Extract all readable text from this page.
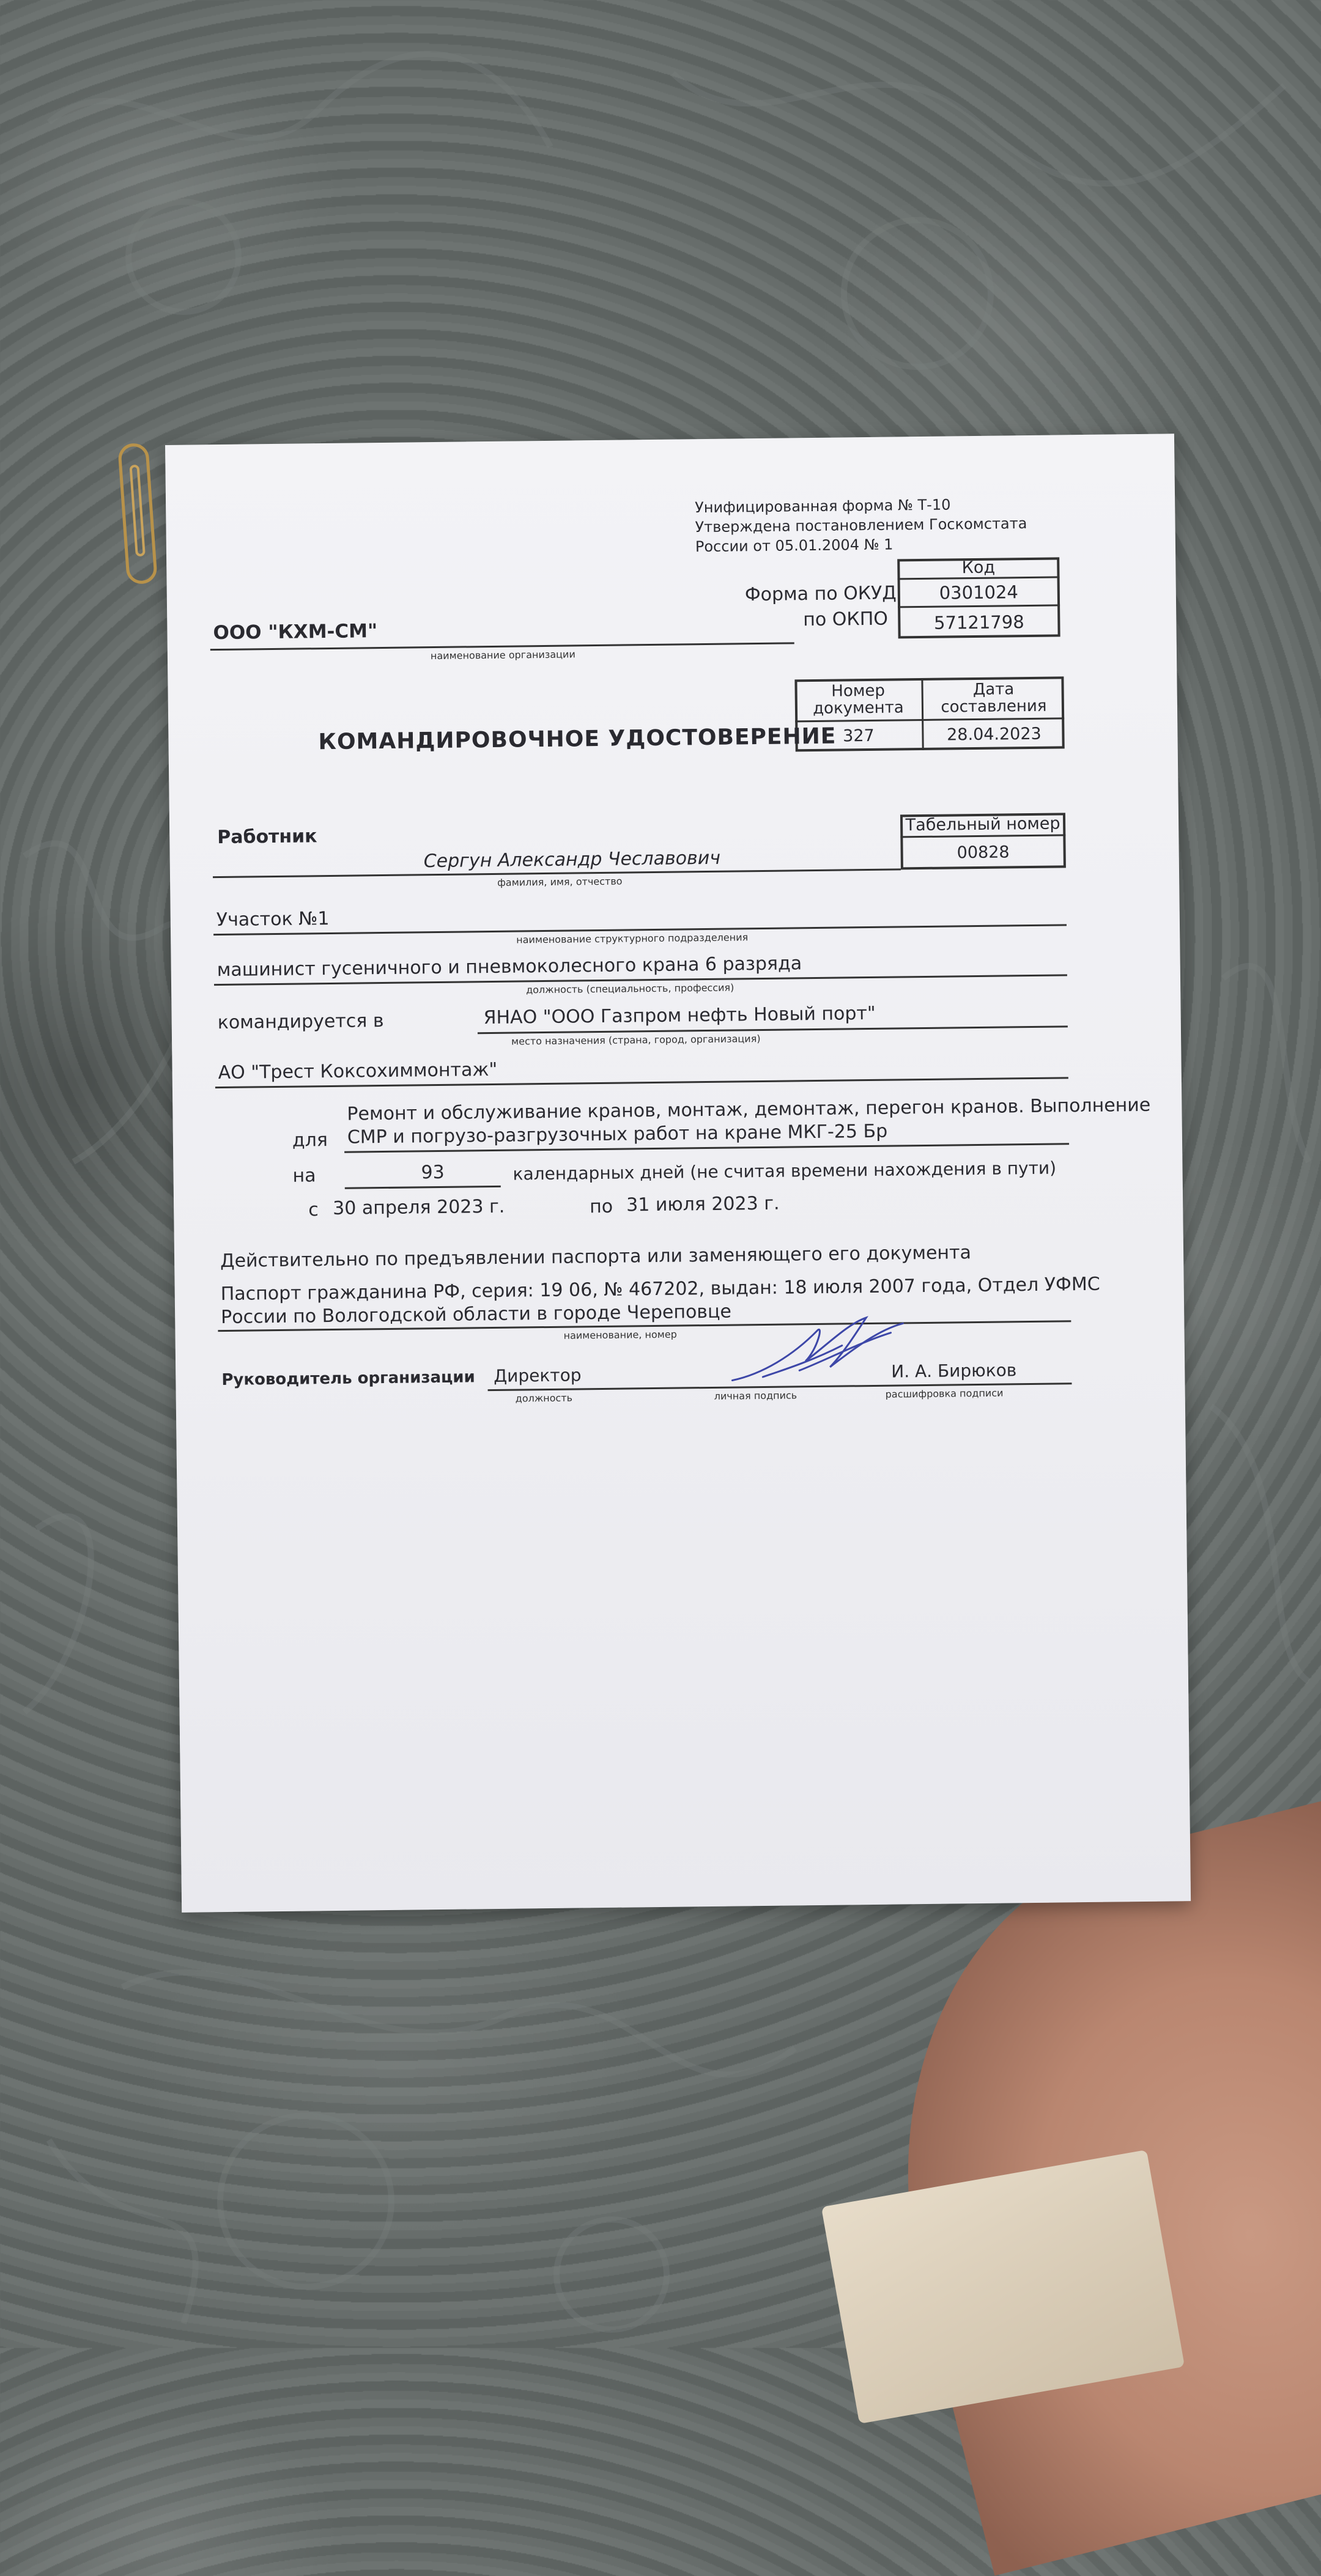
Унифицированная форма № Т-10
Утверждена постановлением Госкомстата
России от 05.01.2004 № 1
Код
0301024
57121798
Форма по ОКУД
по ОКПО
ООО "КХМ-СМ"
наименование организации
Номер документа
Дата составления
327	28.04.2023
КОМАНДИРОВОЧНОЕ УДОСТОВЕРЕНИЕ
Работник
Табельный номер
00828
Сергун Александр Чеславович
фамилия, имя, отчество
Участок №1
наименование структурного подразделения
машинист гусеничного и пневмоколесного крана 6 разряда
должность (специальность, профессия)
командируется в	ЯНАО "ООО Газпром нефть Новый порт"
место назначения (страна, город, организация)
АО "Трест Коксохиммонтаж"
Ремонт и обслуживание кранов, монтаж, демонтаж, перегон кранов. Выполнение
для СМР и погрузо-разгрузочных работ на кране МКГ-25 Бр
на	93	календарных дней (не считая времени нахождения в пути)
с 30 апреля 2023 г.	по 31 июля 2023 г.
Действительно по предъявлении паспорта или заменяющего его документа
Паспорт гражданина РФ, серия: 19 06, № 467202, выдан: 18 июля 2007 года, Отдел УФМС
России по Вологодской области в городе Череповце
наименование, номер
Руководитель организации Директор
должность	личная подпись
И. А. Бирюков
расшифровка подписи
